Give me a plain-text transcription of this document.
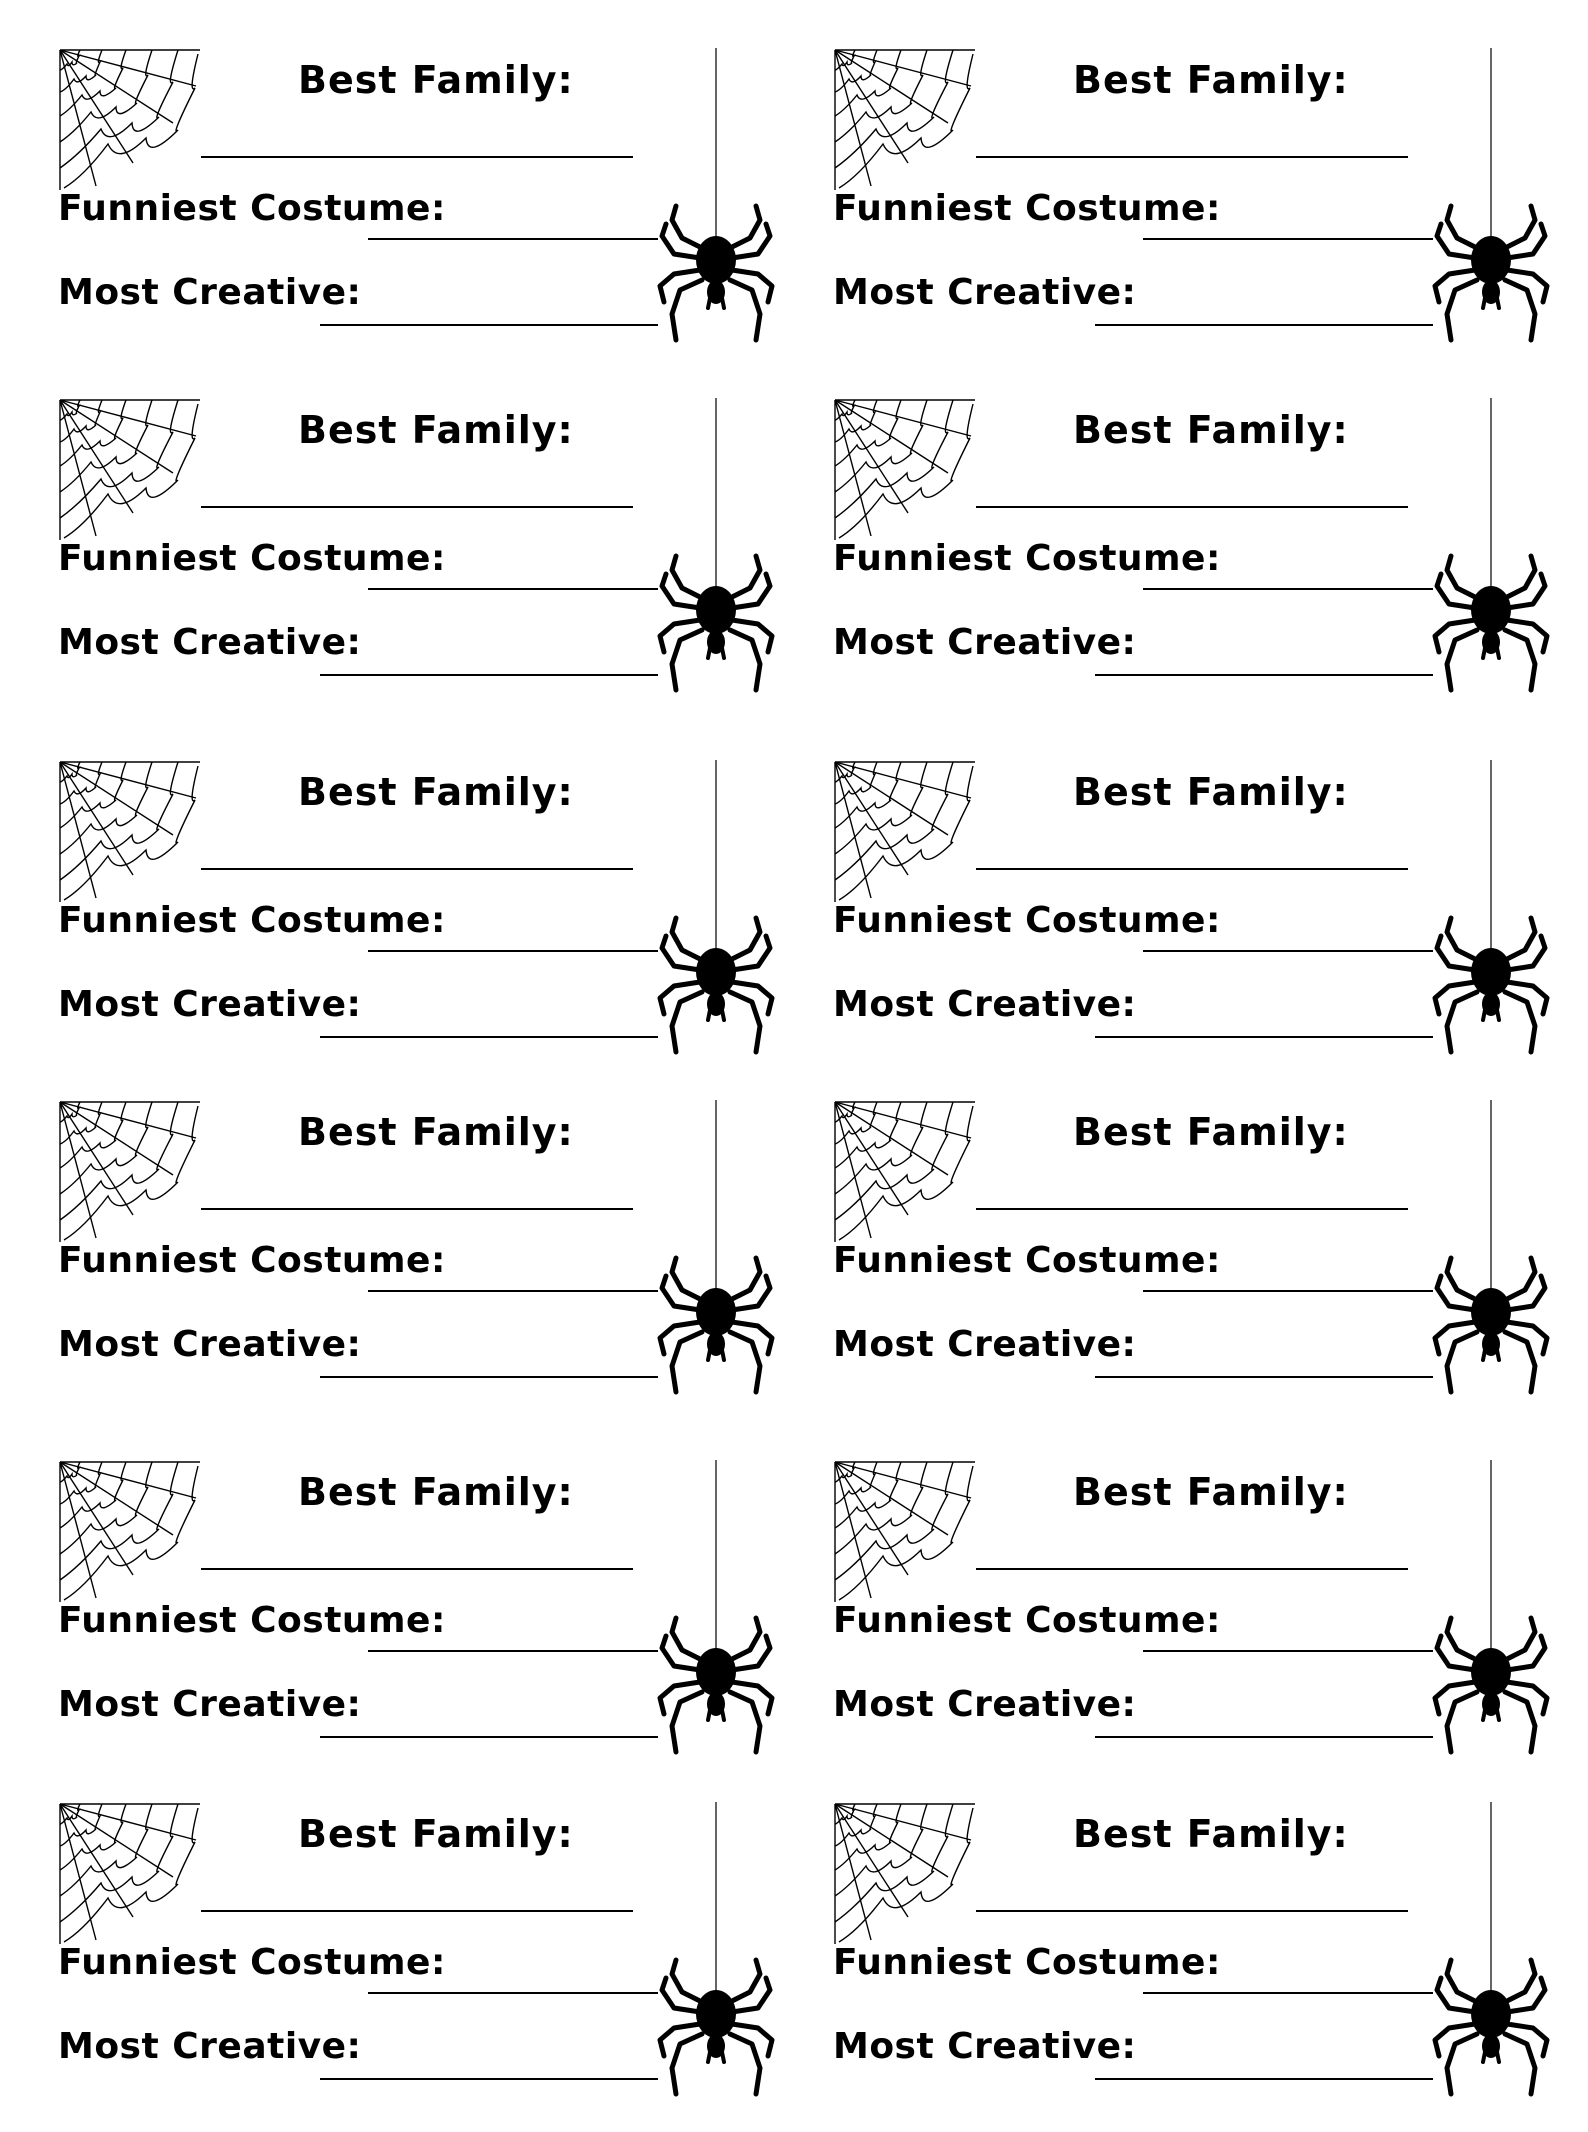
Best Family:
Funniest Costume:
Most Creative:
Best Family:
Funniest Costume:
Most Creative:
Best Family:
Funniest Costume:
Most Creative:
Best Family:
Funniest Costume:
Most Creative:
Best Family:
Funniest Costume:
Most Creative:
Best Family:
Funniest Costume:
Most Creative:
Best Family:
Funniest Costume:
Most Creative:
Best Family:
Funniest Costume:
Most Creative:
Best Family:
Funniest Costume:
Most Creative:
Best Family:
Funniest Costume:
Most Creative:
Best Family:
Funniest Costume:
Most Creative:
Best Family:
Funniest Costume:
Most Creative:
